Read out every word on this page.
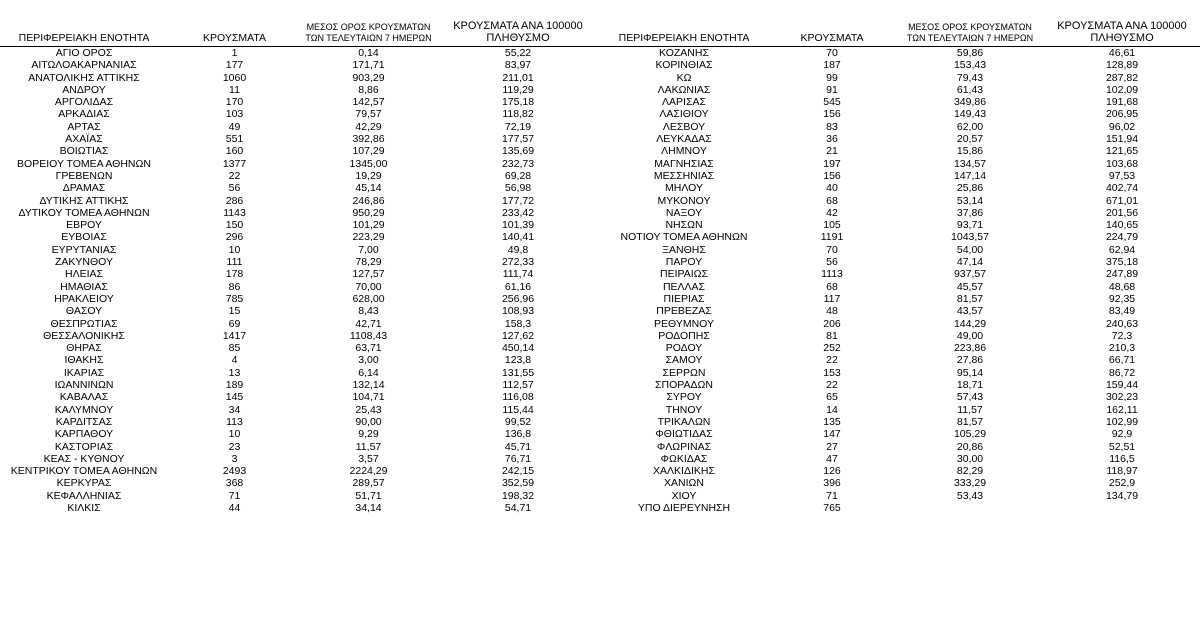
ΠΕΡΙΦΕΡΕΙΑΚΗ ΕΝΟΤΗΤΑ	ΚΡΟΥΣΜΑΤΑ	ΜΕΣΟΣ ΟΡΟΣ ΚΡΟΥΣΜΑΤΩΝ
ΤΩΝ ΤΕΛΕΥΤΑΙΩΝ 7 ΗΜΕΡΩΝ	ΚΡΟΥΣΜΑΤΑ ΑΝΑ 100000
ΠΛΗΘΥΣΜΟ
ΑΓΙΟ ΟΡΟΣ	1	0,14	55,22
ΑΙΤΩΛΟΑΚΑΡΝΑΝΙΑΣ	177	171,71	83,97
ΑΝΑΤΟΛΙΚΗΣ ΑΤΤΙΚΗΣ	1060	903,29	211,01
ΑΝΔΡΟΥ	11	8,86	119,29
ΑΡΓΟΛΙΔΑΣ	170	142,57	175,18
ΑΡΚΑΔΙΑΣ	103	79,57	118,82
ΑΡΤΑΣ	49	42,29	72,19
ΑΧΑΪΑΣ	551	392,86	177,57
ΒΟΙΩΤΙΑΣ	160	107,29	135,69
ΒΟΡΕΙΟΥ ΤΟΜΕΑ ΑΘΗΝΩΝ	1377	1345,00	232,73
ΓΡΕΒΕΝΩΝ	22	19,29	69,28
ΔΡΑΜΑΣ	56	45,14	56,98
ΔΥΤΙΚΗΣ ΑΤΤΙΚΗΣ	286	246,86	177,72
ΔΥΤΙΚΟΥ ΤΟΜΕΑ ΑΘΗΝΩΝ	1143	950,29	233,42
ΕΒΡΟΥ	150	101,29	101,39
ΕΥΒΟΙΑΣ	296	223,29	140,41
ΕΥΡΥΤΑΝΙΑΣ	10	7,00	49,8
ΖΑΚΥΝΘΟΥ	111	78,29	272,33
ΗΛΕΙΑΣ	178	127,57	111,74
ΗΜΑΘΙΑΣ	86	70,00	61,16
ΗΡΑΚΛΕΙΟΥ	785	628,00	256,96
ΘΑΣΟΥ	15	8,43	108,93
ΘΕΣΠΡΩΤΙΑΣ	69	42,71	158,3
ΘΕΣΣΑΛΟΝΙΚΗΣ	1417	1108,43	127,62
ΘΗΡΑΣ	85	63,71	450,14
ΙΘΑΚΗΣ	4	3,00	123,8
ΙΚΑΡΙΑΣ	13	6,14	131,55
ΙΩΑΝΝΙΝΩΝ	189	132,14	112,57
ΚΑΒΑΛΑΣ	145	104,71	116,08
ΚΑΛΥΜΝΟΥ	34	25,43	115,44
ΚΑΡΔΙΤΣΑΣ	113	90,00	99,52
ΚΑΡΠΑΘΟΥ	10	9,29	136,8
ΚΑΣΤΟΡΙΑΣ	23	11,57	45,71
ΚΕΑΣ - ΚΥΘΝΟΥ	3	3,57	76,71
ΚΕΝΤΡΙΚΟΥ ΤΟΜΕΑ ΑΘΗΝΩΝ	2493	2224,29	242,15
ΚΕΡΚΥΡΑΣ	368	289,57	352,59
ΚΕΦΑΛΛΗΝΙΑΣ	71	51,71	198,32
ΚΙΛΚΙΣ	44	34,14	54,71
ΠΕΡΙΦΕΡΕΙΑΚΗ ΕΝΟΤΗΤΑ	ΚΡΟΥΣΜΑΤΑ	ΜΕΣΟΣ ΟΡΟΣ ΚΡΟΥΣΜΑΤΩΝ
ΤΩΝ ΤΕΛΕΥΤΑΙΩΝ 7 ΗΜΕΡΩΝ	ΚΡΟΥΣΜΑΤΑ ΑΝΑ 100000
ΠΛΗΘΥΣΜΟ
ΚΟΖΑΝΗΣ	70	59,86	46,61
ΚΟΡΙΝΘΙΑΣ	187	153,43	128,89
ΚΩ	99	79,43	287,82
ΛΑΚΩΝΙΑΣ	91	61,43	102,09
ΛΑΡΙΣΑΣ	545	349,86	191,68
ΛΑΣΙΘΙΟΥ	156	149,43	206,95
ΛΕΣΒΟΥ	83	62,00	96,02
ΛΕΥΚΑΔΑΣ	36	20,57	151,94
ΛΗΜΝΟΥ	21	15,86	121,65
ΜΑΓΝΗΣΙΑΣ	197	134,57	103,68
ΜΕΣΣΗΝΙΑΣ	156	147,14	97,53
ΜΗΛΟΥ	40	25,86	402,74
ΜΥΚΟΝΟΥ	68	53,14	671,01
ΝΑΞΟΥ	42	37,86	201,56
ΝΗΣΩΝ	105	93,71	140,65
ΝΟΤΙΟΥ ΤΟΜΕΑ ΑΘΗΝΩΝ	1191	1043,57	224,79
ΞΑΝΘΗΣ	70	54,00	62,94
ΠΑΡΟΥ	56	47,14	375,18
ΠΕΙΡΑΙΩΣ	1113	937,57	247,89
ΠΕΛΛΑΣ	68	45,57	48,68
ΠΙΕΡΙΑΣ	117	81,57	92,35
ΠΡΕΒΕΖΑΣ	48	43,57	83,49
ΡΕΘΥΜΝΟΥ	206	144,29	240,63
ΡΟΔΟΠΗΣ	81	49,00	72,3
ΡΟΔΟΥ	252	223,86	210,3
ΣΑΜΟΥ	22	27,86	66,71
ΣΕΡΡΩΝ	153	95,14	86,72
ΣΠΟΡΑΔΩΝ	22	18,71	159,44
ΣΥΡΟΥ	65	57,43	302,23
ΤΗΝΟΥ	14	11,57	162,11
ΤΡΙΚΑΛΩΝ	135	81,57	102,99
ΦΘΙΩΤΙΔΑΣ	147	105,29	92,9
ΦΛΩΡΙΝΑΣ	27	20,86	52,51
ΦΩΚΙΔΑΣ	47	30,00	116,5
ΧΑΛΚΙΔΙΚΗΣ	126	82,29	118,97
ΧΑΝΙΩΝ	396	333,29	252,9
ΧΙΟΥ	71	53,43	134,79
ΥΠΟ ΔΙΕΡΕΥΝΗΣΗ	765		
